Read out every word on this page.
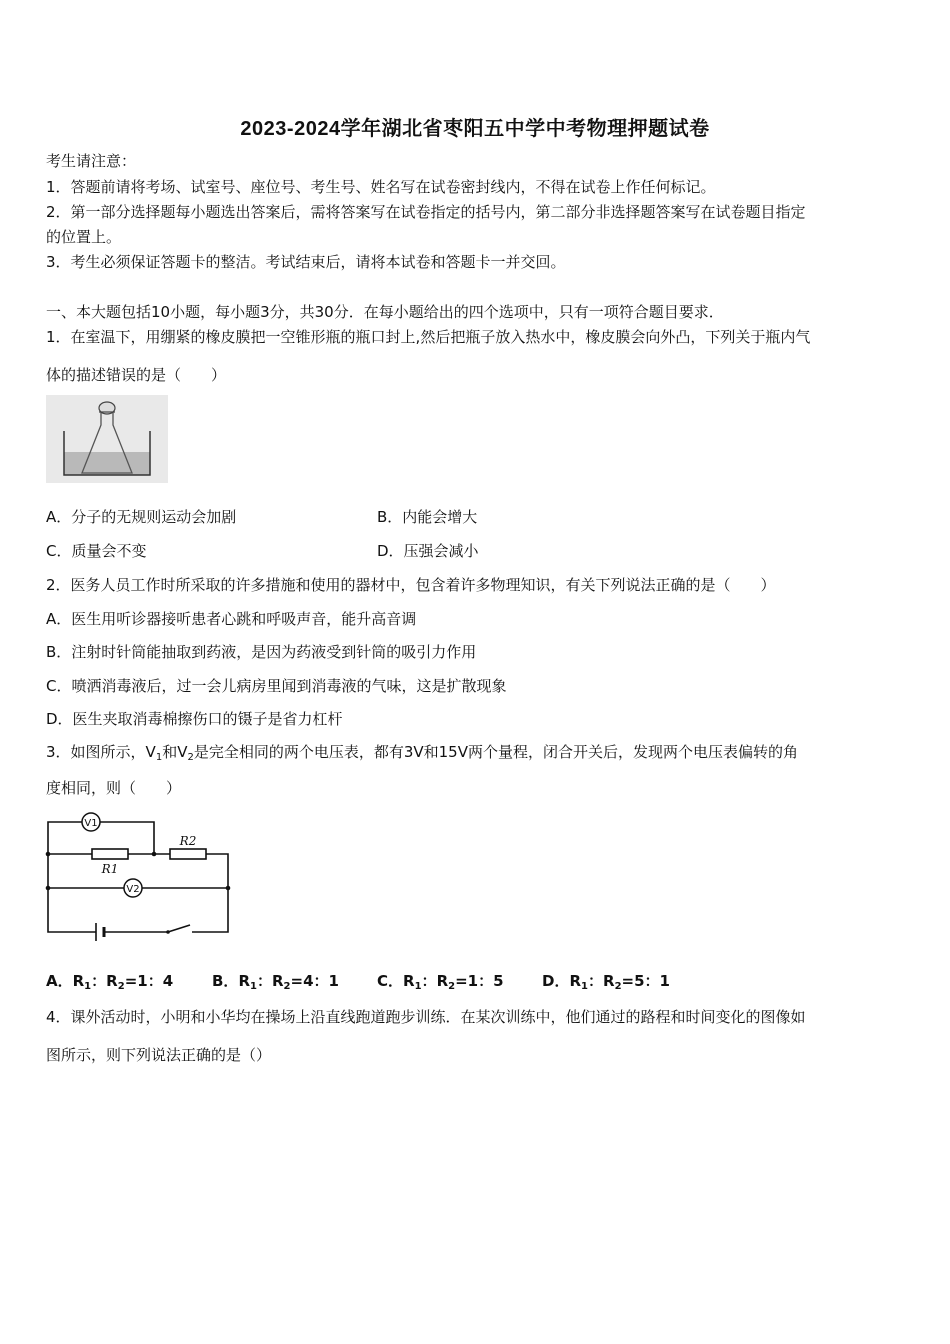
2023-2024学年湖北省枣阳五中学中考物理押题试卷
考生请注意：
1．答题前请将考场、试室号、座位号、考生号、姓名写在试卷密封线内，不得在试卷上作任何标记。
2．第一部分选择题每小题选出答案后，需将答案写在试卷指定的括号内，第二部分非选择题答案写在试卷题目指定
的位置上。
3．考生必须保证答题卡的整洁。考试结束后，请将本试卷和答题卡一并交回。
一、本大题包括10小题，每小题3分，共30分．在每小题给出的四个选项中，只有一项符合题目要求．
1．在室温下，用绷紧的橡皮膜把一空锥形瓶的瓶口封上,然后把瓶子放入热水中，橡皮膜会向外凸，下列关于瓶内气
体的描述错误的是（　　）
A．分子的无规则运动会加剧	B．内能会增大
C．质量会不变	D．压强会减小
2．医务人员工作时所采取的许多措施和使用的器材中，包含着许多物理知识，有关下列说法正确的是（　　）
A．医生用听诊器接听患者心跳和呼吸声音，能升高音调
B．注射时针筒能抽取到药液，是因为药液受到针筒的吸引力作用
C．喷洒消毒液后，过一会儿病房里闻到消毒液的气味，这是扩散现象
D．医生夹取消毒棉擦伤口的镊子是省力杠杆
3．如图所示，$V_1$和$V_2$是完全相同的两个电压表，都有3V和15V两个量程，闭合开关后，发现两个电压表偏转的角
度相同，则（　　）
V1
V2
R1
R2
A．$R_1$：$R_2=1$：4	B．$R_1$：$R_2=4$：1	C．$R_1$：$R_2=1$：5	D．$R_1$：$R_2=5$：1
4．课外活动时，小明和小华均在操场上沿直线跑道跑步训练．在某次训练中，他们通过的路程和时间变化的图像如
图所示，则下列说法正确的是（）
